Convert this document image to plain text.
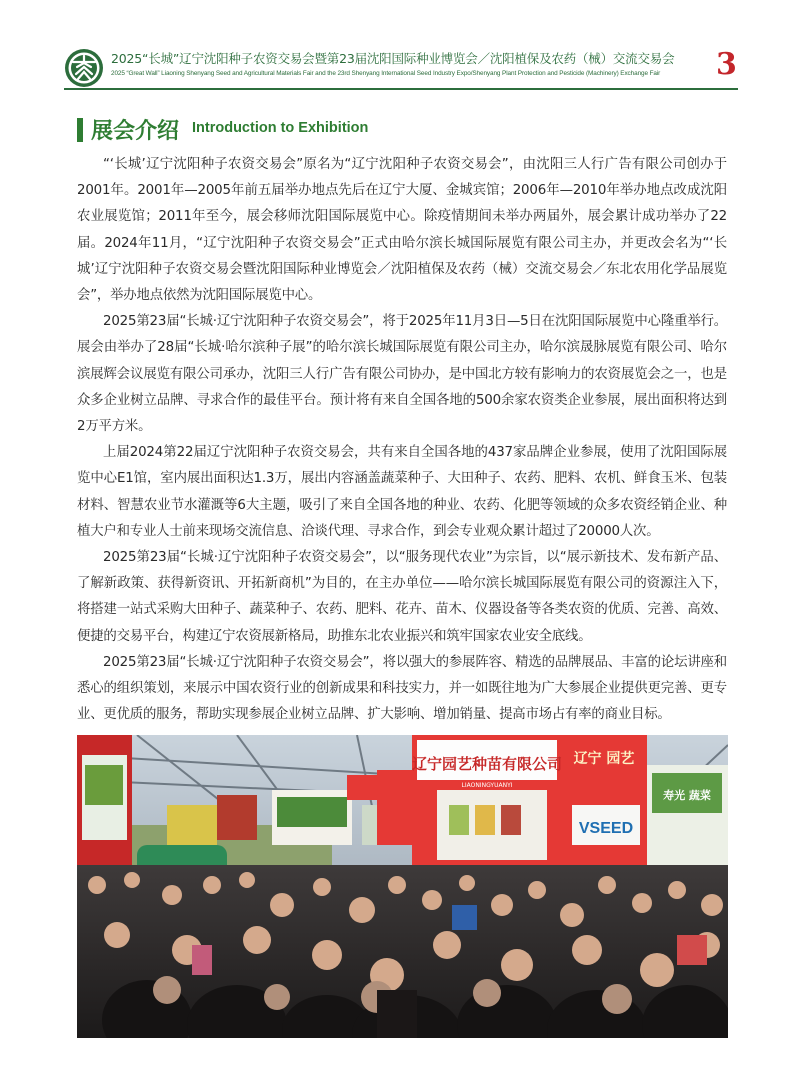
2025“长城”辽宁沈阳种子农资交易会暨第23届沈阳国际种业博览会／沈阳植保及农药（械）交流交易会
2025 “Great Wall” Liaoning Shenyang Seed and Agricultural Materials Fair and the 23rd Shenyang International Seed Industry Expo/Shenyang Plant Protection and Pesticide (Machinery) Exchange Fair	3
展会介绍 Introduction to Exhibition

“‘长城’辽宁沈阳种子农资交易会”原名为“辽宁沈阳种子农资交易会”，由沈阳三人行广告有限公司创办于2001年。2001年—2005年前五届举办地点先后在辽宁大厦、金城宾馆；2006年—2010年举办地点改成沈阳农业展览馆；2011年至今，展会移师沈阳国际展览中心。除疫情期间未举办两届外，展会累计成功举办了22届。2024年11月，“辽宁沈阳种子农资交易会”正式由哈尔滨长城国际展览有限公司主办，并更改会名为“‘长城’辽宁沈阳种子农资交易会暨沈阳国际种业博览会／沈阳植保及农药（械）交流交易会／东北农用化学品展览会”，举办地点依然为沈阳国际展览中心。

2025第23届“长城·辽宁沈阳种子农资交易会”，将于2025年11月3日—5日在沈阳国际展览中心隆重举行。展会由举办了28届“长城·哈尔滨种子展”的哈尔滨长城国际展览有限公司主办，哈尔滨晟脉展览有限公司、哈尔滨展辉会议展览有限公司承办，沈阳三人行广告有限公司协办，是中国北方较有影响力的农资展览会之一，也是众多企业树立品牌、寻求合作的最佳平台。预计将有来自全国各地的500余家农资类企业参展，展出面积将达到2万平方米。

上届2024第22届辽宁沈阳种子农资交易会，共有来自全国各地的437家品牌企业参展，使用了沈阳国际展览中心E1馆，室内展出面积达1.3万，展出内容涵盖蔬菜种子、大田种子、农药、肥料、农机、鲜食玉米、包装材料、智慧农业节水灌溉等6大主题，吸引了来自全国各地的种业、农药、化肥等领域的众多农资经销企业、种植大户和专业人士前来现场交流信息、洽谈代理、寻求合作，到会专业观众累计超过了20000人次。

2025第23届“长城·辽宁沈阳种子农资交易会”，以“服务现代农业”为宗旨，以“展示新技术、发布新产品、了解新政策、获得新资讯、开拓新商机”为目的，在主办单位——哈尔滨长城国际展览有限公司的资源注入下，将搭建一站式采购大田种子、蔬菜种子、农药、肥料、花卉、苗木、仪器设备等各类农资的优质、完善、高效、便捷的交易平台，构建辽宁农资展新格局，助推东北农业振兴和筑牢国家农业安全底线。

2025第23届“长城·辽宁沈阳种子农资交易会”，将以强大的参展阵容、精选的品牌展品、丰富的论坛讲座和悉心的组织策划，来展示中国农资行业的创新成果和科技实力，并一如既往地为广大参展企业提供更完善、更专业、更优质的服务，帮助实现参展企业树立品牌、扩大影响、增加销量、提高市场占有率的商业目标。

辽宁园艺种苗有限公司
LIAONINGYUANYI
辽宁 园艺
VSEED
寿光 蔬菜
